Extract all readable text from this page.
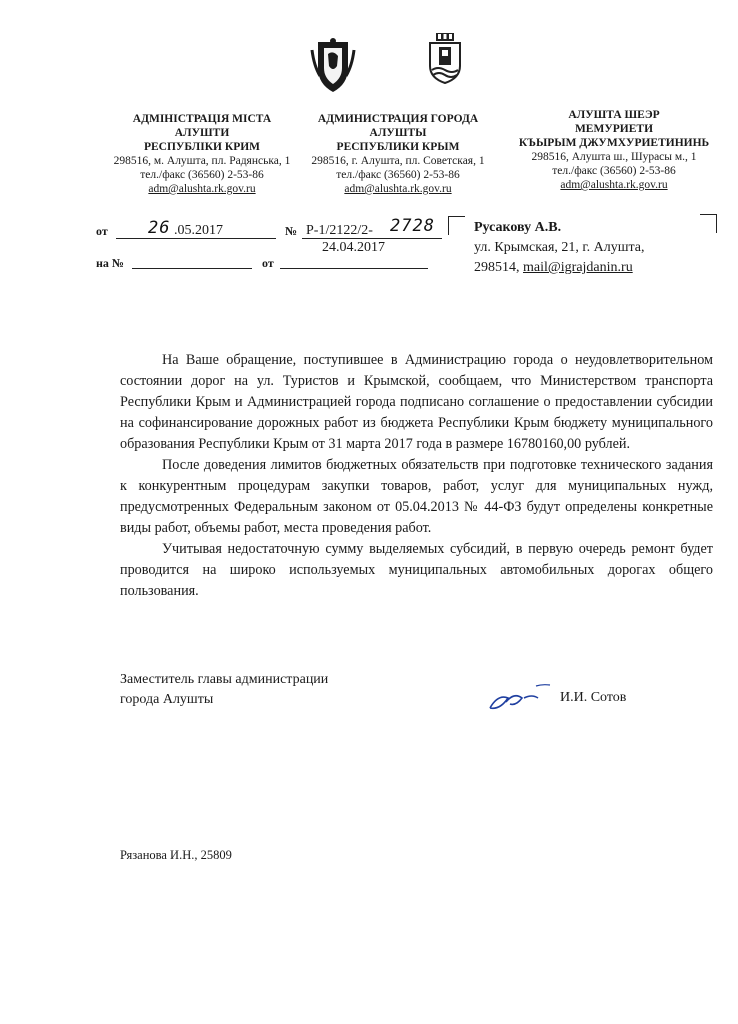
АДМІНІСТРАЦІЯ МІСТА
АЛУШТИ
РЕСПУБЛІКИ КРИМ
298516, м. Алушта, пл. Радянська, 1
тел./факс (36560) 2-53-86
adm@alushta.rk.gov.ru
АДМИНИСТРАЦИЯ ГОРОДА
АЛУШТЫ
РЕСПУБЛИКИ КРЫМ
298516, г. Алушта, пл. Советская, 1
тел./факс (36560) 2-53-86
adm@alushta.rk.gov.ru
АЛУШТА ШЕЭР
МЕМУРИЕТИ
КЪЫРЫМ ДЖУМХУРИЕТИНИНЬ
298516, Алушта ш., Шурасы м., 1
тел./факс (36560) 2-53-86
adm@alushta.rk.gov.ru
от 26 .05.2017	№ Р-1/2122/2- 2728
24.04.2017
на №	от
Русакову А.В.
ул. Крымская, 21, г. Алушта,
298514, mail@igrajdanin.ru

На Ваше обращение, поступившее в Администрацию города о неудовлетворительном состоянии дорог на ул. Туристов и Крымской, сообщаем, что Министерством транспорта Республики Крым и Администрацией города подписано соглашение о предоставлении субсидии на софинансирование дорожных работ из бюджета Республики Крым бюджету муниципального образования Республики Крым от 31 марта 2017 года в размере 16780160,00 рублей.

После доведения лимитов бюджетных обязательств при подготовке технического задания к конкурентным процедурам закупки товаров, работ, услуг для муниципальных нужд, предусмотренных Федеральным законом от 05.04.2013 № 44-ФЗ будут определены конкретные виды работ, объемы работ, места проведения работ.

Учитывая недостаточную сумму выделяемых субсидий, в первую очередь ремонт будет проводится на широко используемых муниципальных автомобильных дорогах общего пользования.

Заместитель главы администрации
города Алушты	И.И. Сотов
Рязанова И.Н., 25809
